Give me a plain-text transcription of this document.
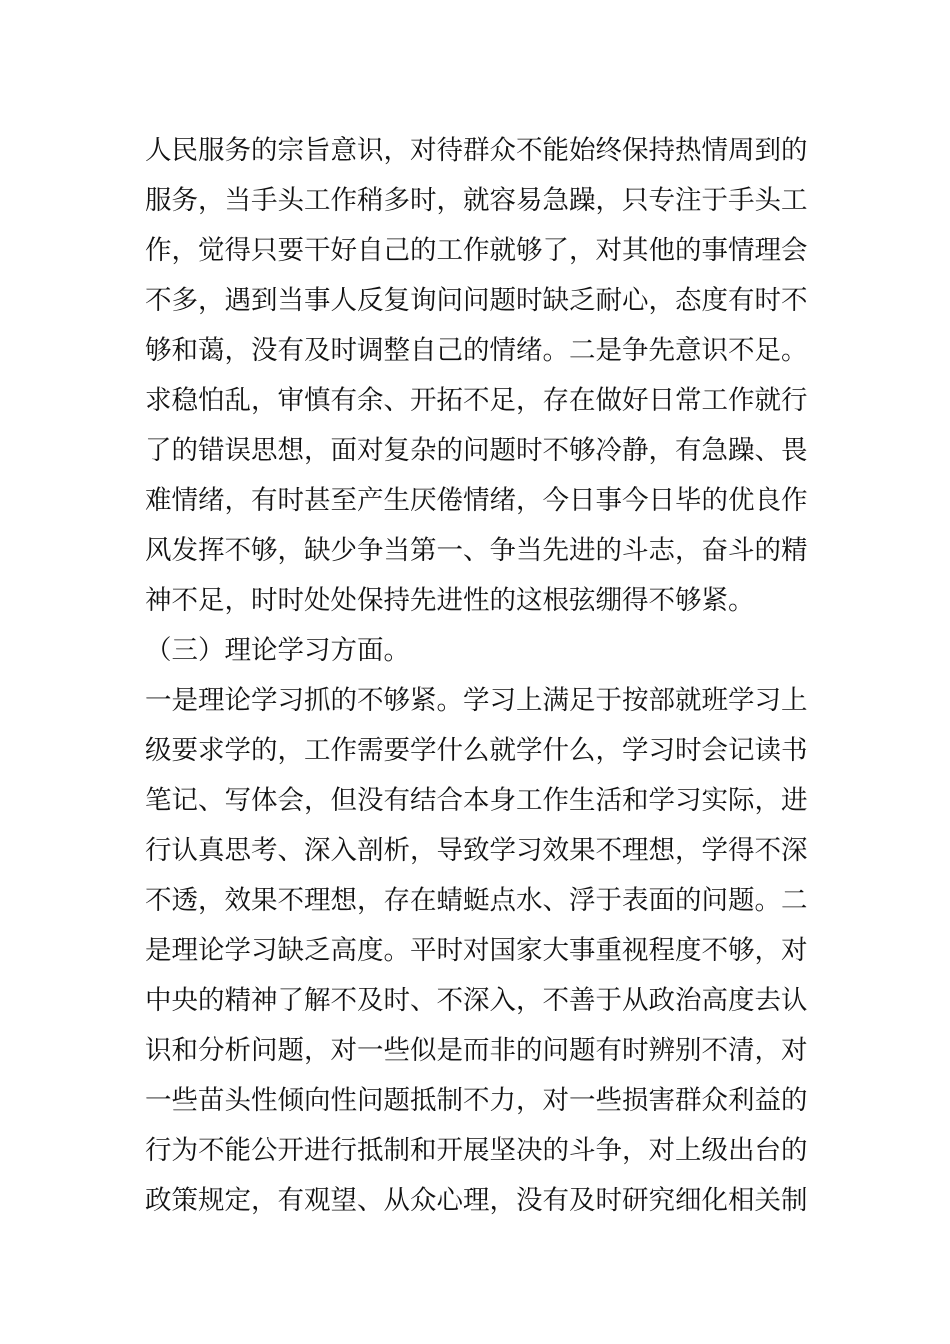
人民服务的宗旨意识，对待群众不能始终保持热情周到的
服务，当手头工作稍多时，就容易急躁，只专注于手头工
作，觉得只要干好自己的工作就够了，对其他的事情理会
不多，遇到当事人反复询问问题时缺乏耐心，态度有时不
够和蔼，没有及时调整自己的情绪。二是争先意识不足。
求稳怕乱，审慎有余、开拓不足，存在做好日常工作就行
了的错误思想，面对复杂的问题时不够冷静，有急躁、畏
难情绪，有时甚至产生厌倦情绪，今日事今日毕的优良作
风发挥不够，缺少争当第一、争当先进的斗志，奋斗的精
神不足，时时处处保持先进性的这根弦绷得不够紧。
（三）理论学习方面。
一是理论学习抓的不够紧。学习上满足于按部就班学习上
级要求学的，工作需要学什么就学什么，学习时会记读书
笔记、写体会，但没有结合本身工作生活和学习实际，进
行认真思考、深入剖析，导致学习效果不理想，学得不深
不透，效果不理想，存在蜻蜓点水、浮于表面的问题。二
是理论学习缺乏高度。平时对国家大事重视程度不够，对
中央的精神了解不及时、不深入，不善于从政治高度去认
识和分析问题，对一些似是而非的问题有时辨别不清，对
一些苗头性倾向性问题抵制不力，对一些损害群众利益的
行为不能公开进行抵制和开展坚决的斗争，对上级出台的
政策规定，有观望、从众心理，没有及时研究细化相关制
